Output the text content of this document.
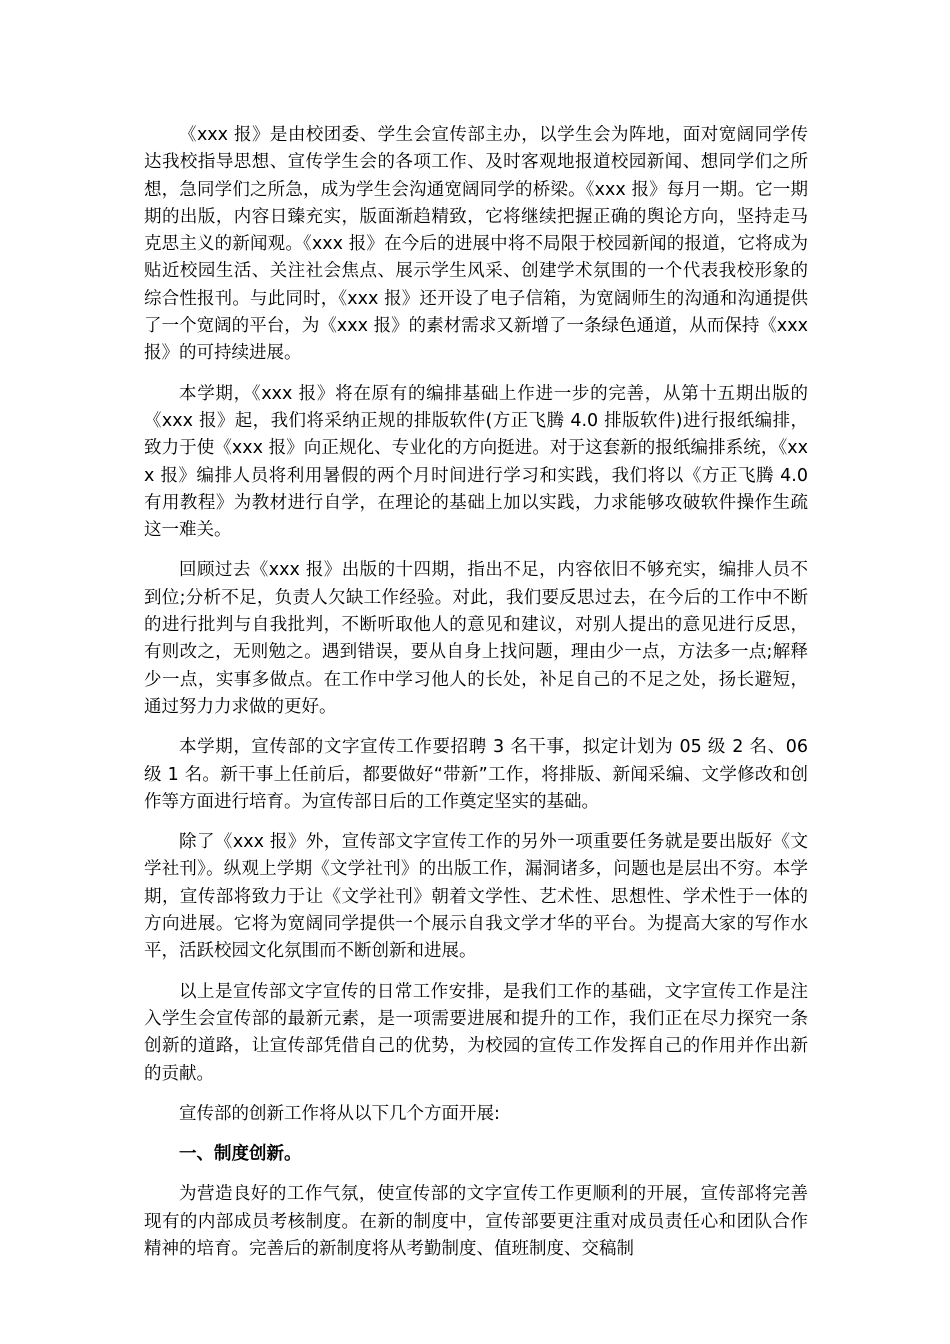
《xxx 报》是由校团委、学生会宣传部主办，以学生会为阵地，面对宽阔同学传达我校指导思想、宣传学生会的各项工作、及时客观地报道校园新闻、想同学们之所想，急同学们之所急，成为学生会沟通宽阔同学的桥梁。《xxx 报》每月一期。它一期期的出版，内容日臻充实，版面渐趋精致，它将继续把握正确的舆论方向，坚持走马克思主义的新闻观。《xxx 报》在今后的进展中将不局限于校园新闻的报道，它将成为贴近校园生活、关注社会焦点、展示学生风采、创建学术氛围的一个代表我校形象的综合性报刊。与此同时，《xxx 报》还开设了电子信箱，为宽阔师生的沟通和沟通提供了一个宽阔的平台，为《xxx 报》的素材需求又新增了一条绿色通道，从而保持《xxx 报》的可持续进展。

本学期，《xxx 报》将在原有的编排基础上作进一步的完善，从第十五期出版的《xxx 报》起，我们将采纳正规的排版软件(方正飞腾 4.0 排版软件)进行报纸编排，致力于使《xxx 报》向正规化、专业化的方向挺进。对于这套新的报纸编排系统，《xxx 报》编排人员将利用暑假的两个月时间进行学习和实践，我们将以《方正飞腾 4.0 有用教程》为教材进行自学，在理论的基础上加以实践，力求能够攻破软件操作生疏这一难关。

回顾过去《xxx 报》出版的十四期，指出不足，内容依旧不够充实，编排人员不到位;分析不足，负责人欠缺工作经验。对此，我们要反思过去，在今后的工作中不断的进行批判与自我批判，不断听取他人的意见和建议，对别人提出的意见进行反思，有则改之，无则勉之。遇到错误，要从自身上找问题，理由少一点，方法多一点;解释少一点，实事多做点。在工作中学习他人的长处，补足自己的不足之处，扬长避短，通过努力力求做的更好。

本学期，宣传部的文字宣传工作要招聘 3 名干事，拟定计划为 05 级 2 名、06 级 1 名。新干事上任前后，都要做好“带新”工作，将排版、新闻采编、文学修改和创作等方面进行培育。为宣传部日后的工作奠定坚实的基础。

除了《xxx 报》外，宣传部文字宣传工作的另外一项重要任务就是要出版好《文学社刊》。纵观上学期《文学社刊》的出版工作，漏洞诸多，问题也是层出不穷。本学期，宣传部将致力于让《文学社刊》朝着文学性、艺术性、思想性、学术性于一体的方向进展。它将为宽阔同学提供一个展示自我文学才华的平台。为提高大家的写作水平，活跃校园文化氛围而不断创新和进展。

以上是宣传部文字宣传的日常工作安排，是我们工作的基础，文字宣传工作是注入学生会宣传部的最新元素，是一项需要进展和提升的工作，我们正在尽力探究一条创新的道路，让宣传部凭借自己的优势，为校园的宣传工作发挥自己的作用并作出新的贡献。

宣传部的创新工作将从以下几个方面开展:

一、制度创新。

为营造良好的工作气氛，使宣传部的文字宣传工作更顺利的开展，宣传部将完善现有的内部成员考核制度。在新的制度中，宣传部要更注重对成员责任心和团队合作精神的培育。完善后的新制度将从考勤制度、值班制度、交稿制
